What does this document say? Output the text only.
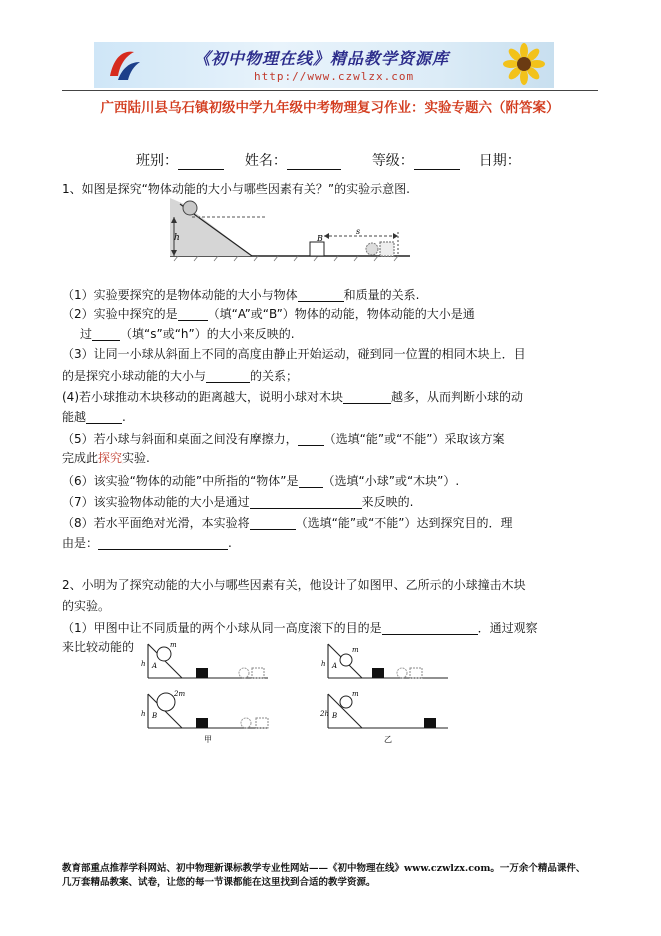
《初中物理在线》精品教学资源库
http://www.czwlzx.com
广西陆川县乌石镇初级中学九年级中考物理复习作业：实验专题六（附答案）
班别：	姓名：	等级：	日期：
1、如图是探究“物体动能的大小与哪些因素有关？”的实验示意图.
h	B
s
（1）实验要探究的是物体动能的大小与物体	和质量的关系.
（2）实验中探究的是	（填“A”或“B”）物体的动能，物体动能的大小是通
过 （填“s”或“h”）的大小来反映的.
（3）让同一小球从斜面上不同的高度由静止开始运动，碰到同一位置的相同木块上．目
的是探究小球动能的大小与	的关系；
(4)若小球推动木块移动的距离越大，说明小球对木块	越多，从而判断小球的动
能越	.
（5）若小球与斜面和桌面之间没有摩擦力， （选填“能”或“不能”）采取该方案
完成此探究实验.
（6）该实验“物体的动能”中所指的“物体”是 （选填“小球”或“木块”）.
（7）该实验物体动能的大小是通过	来反映的.
（8）若水平面绝对光滑，本实验将	（选填“能”或“不能”）达到探究目的．理
由是：	.
2、小明为了探究动能的大小与哪些因素有关，他设计了如图甲、乙所示的小球撞击木块
的实验。
（1）甲图中让不同质量的两个小球从同一高度滚下的目的是	．通过观察
来比较动能的	m
2m
A
B
h
h
m
m
A
B
h
2h
甲	乙
教育部重点推荐学科网站、初中物理新课标教学专业性网站——《初中物理在线》www.czwlzx.com。一万余个精品课件、
几万套精品教案、试卷，让您的每一节课都能在这里找到合适的教学资源。
